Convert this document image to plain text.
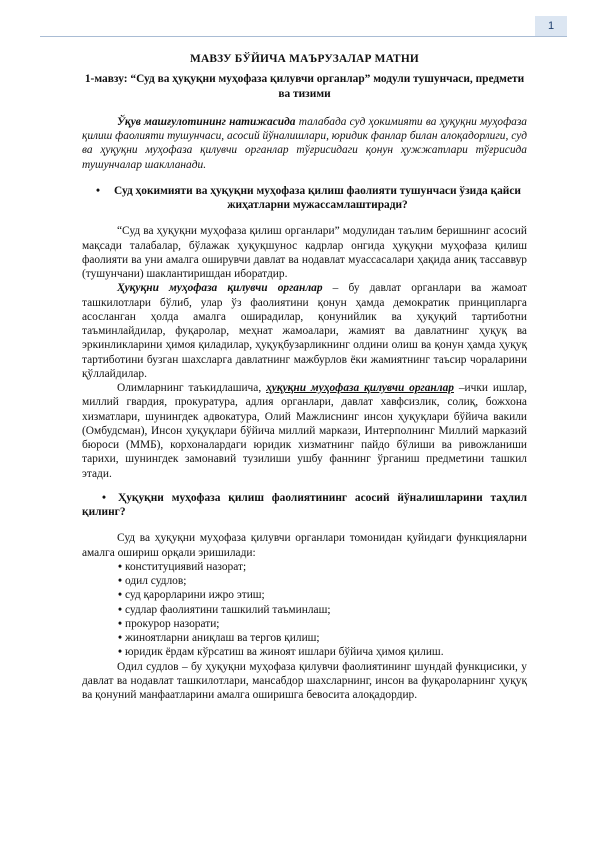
1
МАВЗУ БЎЙИЧА МАЪРУЗАЛАР МАТНИ
1-мавзу: “Суд ва ҳуқуқни муҳофаза қилувчи органлар” модули тушунчаси, предмети ва тизими

Ўқув машғулотининг натижасида талабада суд ҳокимияти ва ҳуқуқни муҳофаза қилиш фаолияти тушунчаси, асосий йўналишлари, юридик фанлар билан алоқадорлиги, суд ва ҳуқуқни муҳофаза қилувчи органлар тўғрисидаги қонун ҳужжатлари тўғрисида тушунчалар шаклланади.

•	Суд ҳокимияти ва ҳуқуқни муҳофаза қилиш фаолияти тушунчаси ўзида қайси жиҳатларни мужассамлаштиради?

“Суд ва ҳуқуқни муҳофаза қилиш органлари” модулидан таълим беришнинг асосий мақсади талабалар, бўлажак ҳуқуқшунос кадрлар онгида ҳуқуқни муҳофаза қилиш фаолияти ва уни амалга оширувчи давлат ва нодавлат муассасалари ҳақида аниқ тассаввур (тушунчани) шаклантиришдан иборатдир.

Ҳуқуқни муҳофаза қилувчи органлар – бу давлат органлари ва жамоат ташкилотлари бўлиб, улар ўз фаолиятини қонун ҳамда демократик принципларга асосланган ҳолда амалга оширадилар, қонунийлик ва ҳуқуқий тартиботни таъминлайдилар, фуқаролар, меҳнат жамоалари, жамият ва давлатнинг ҳуқуқ ва эркинликларини ҳимоя қиладилар, ҳуқуқбузарликнинг олдини олиш ва қонун ҳамда ҳуқуқ тартиботини бузган шахсларга давлатнинг мажбурлов ёки жамиятнинг таъсир чораларини қўллайдилар.

Олимларнинг таъкидлашича, ҳуқуқни муҳофаза қилувчи органлар –ички ишлар, миллий гвардия, прокуратура, адлия органлари, давлат хавфсизлик, солиқ, божхона хизматлари, шунингдек адвокатура, Олий Мажлиснинг инсон ҳуқуқлари бўйича вакили (Омбудсман), Инсон ҳуқуқлари бўйича миллий маркази, Интерполнинг Миллий марказий бюроси (ММБ), корхоналардаги юридик хизматнинг пайдо бўлиши ва ривожланиши тарихи, шунингдек замонавий тузилиши ушбу фаннинг ўрганиш предметини ташкил этади.

• Ҳуқуқни муҳофаза қилиш фаолиятининг асосий йўналишларини таҳлил қилинг?

Суд ва ҳуқуқни муҳофаза қилувчи органлари томонидан қуйидаги функцияларни амалга ошириш орқали эришилади:

• конституциявий назорат;
• одил судлов;
• суд қарорларини ижро этиш;
• судлар фаолиятини ташкилий таъминлаш;
• прокурор назорати;
• жиноятларни аниқлаш ва тергов қилиш;
• юридик ёрдам кўрсатиш ва жиноят ишлари бўйича ҳимоя қилиш.

Одил судлов – бу ҳуқуқни муҳофаза қилувчи фаолиятининг шундай функцисики, у давлат ва нодавлат ташкилотлари, мансабдор шахсларнинг, инсон ва фуқароларнинг ҳуқуқ ва қонуний манфаатларини амалга оширишга бевосита алоқадордир.
